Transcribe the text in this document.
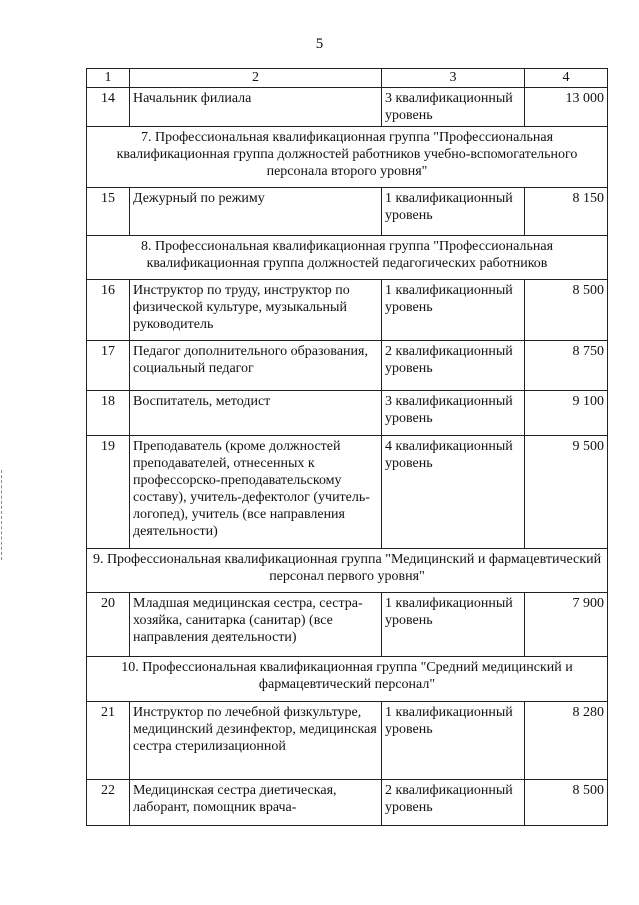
5
1	2	3	4
14	Начальник филиала	3 квалификационный уровень	13 000
7. Профессиональная квалификационная группа "Профессиональная квалификационная группа должностей работников учебно-вспомогательного персонала второго уровня"			
15	Дежурный по режиму	1 квалификационный уровень	8 150
8. Профессиональная квалификационная группа "Профессиональная квалификационная группа должностей педагогических работников			
16	Инструктор по труду, инструктор по физической культуре, музыкальный руководитель	1 квалификационный уровень	8 500
17	Педагог дополнительного образования, социальный педагог	2 квалификационный уровень	8 750
18	Воспитатель, методист	3 квалификационный уровень	9 100
19	Преподаватель (кроме должностей преподавателей, отнесенных к профессорско-преподавательскому составу), учитель-дефектолог (учитель-логопед), учитель (все направления деятельности)	4 квалификационный уровень	9 500
9. Профессиональная квалификационная группа "Медицинский и фармацевтический персонал первого уровня"			
20	Младшая медицинская сестра, сестра-хозяйка, санитарка (санитар) (все направления деятельности)	1 квалификационный уровень	7 900
10. Профессиональная квалификационная группа "Средний медицинский и фармацевтический персонал"			
21	Инструктор по лечебной физкультуре, медицинский дезинфектор, медицинская сестра стерилизационной	1 квалификационный уровень	8 280
22	Медицинская сестра диетическая, лаборант, помощник врача-	2 квалификационный уровень	8 500
